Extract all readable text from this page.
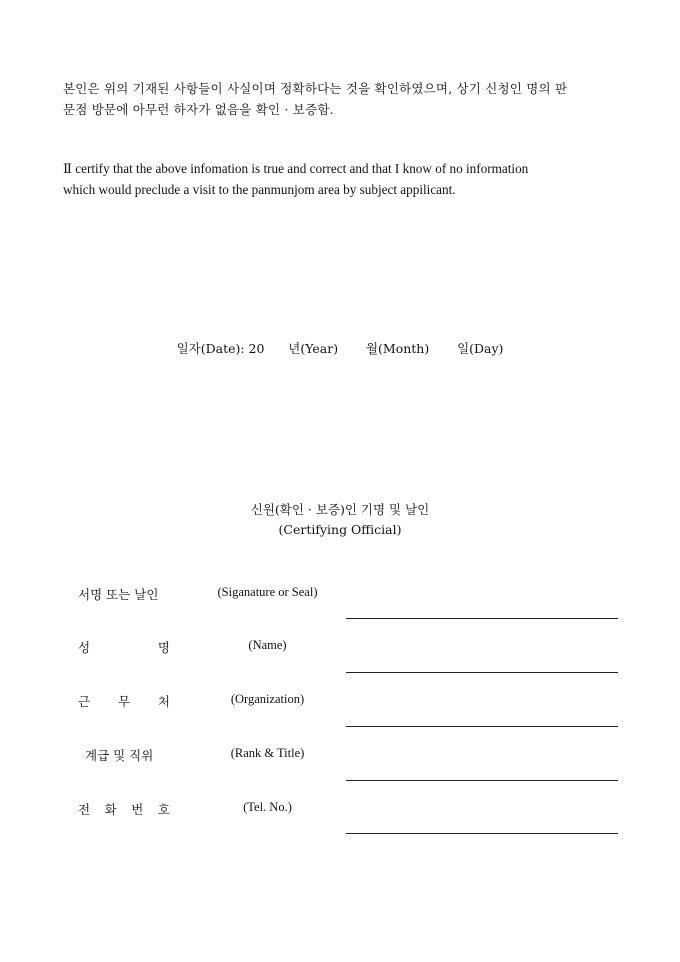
본인은 위의 기재된 사항들이 사실이며 정확하다는 것을 확인하였으며, 상기 신청인 명의 판
문점 방문에 아무런 하자가 없음을 확인 · 보증함.
Ⅱ certify that the above infomation is true and correct and that I know of no information
which would preclude a visit to the panmunjom area by subject appilicant.
일자(Date): 20 년(Year) 월(Month) 일(Day)
신원(확인 · 보증)인 기명 및 날인
(Certifying Official)
서명 또는 날인	(Siganature or Seal)
성	명	(Name)
근 무 처	(Organization)
계급 및 직위	(Rank & Title)
전 화 번 호	(Tel. No.)
